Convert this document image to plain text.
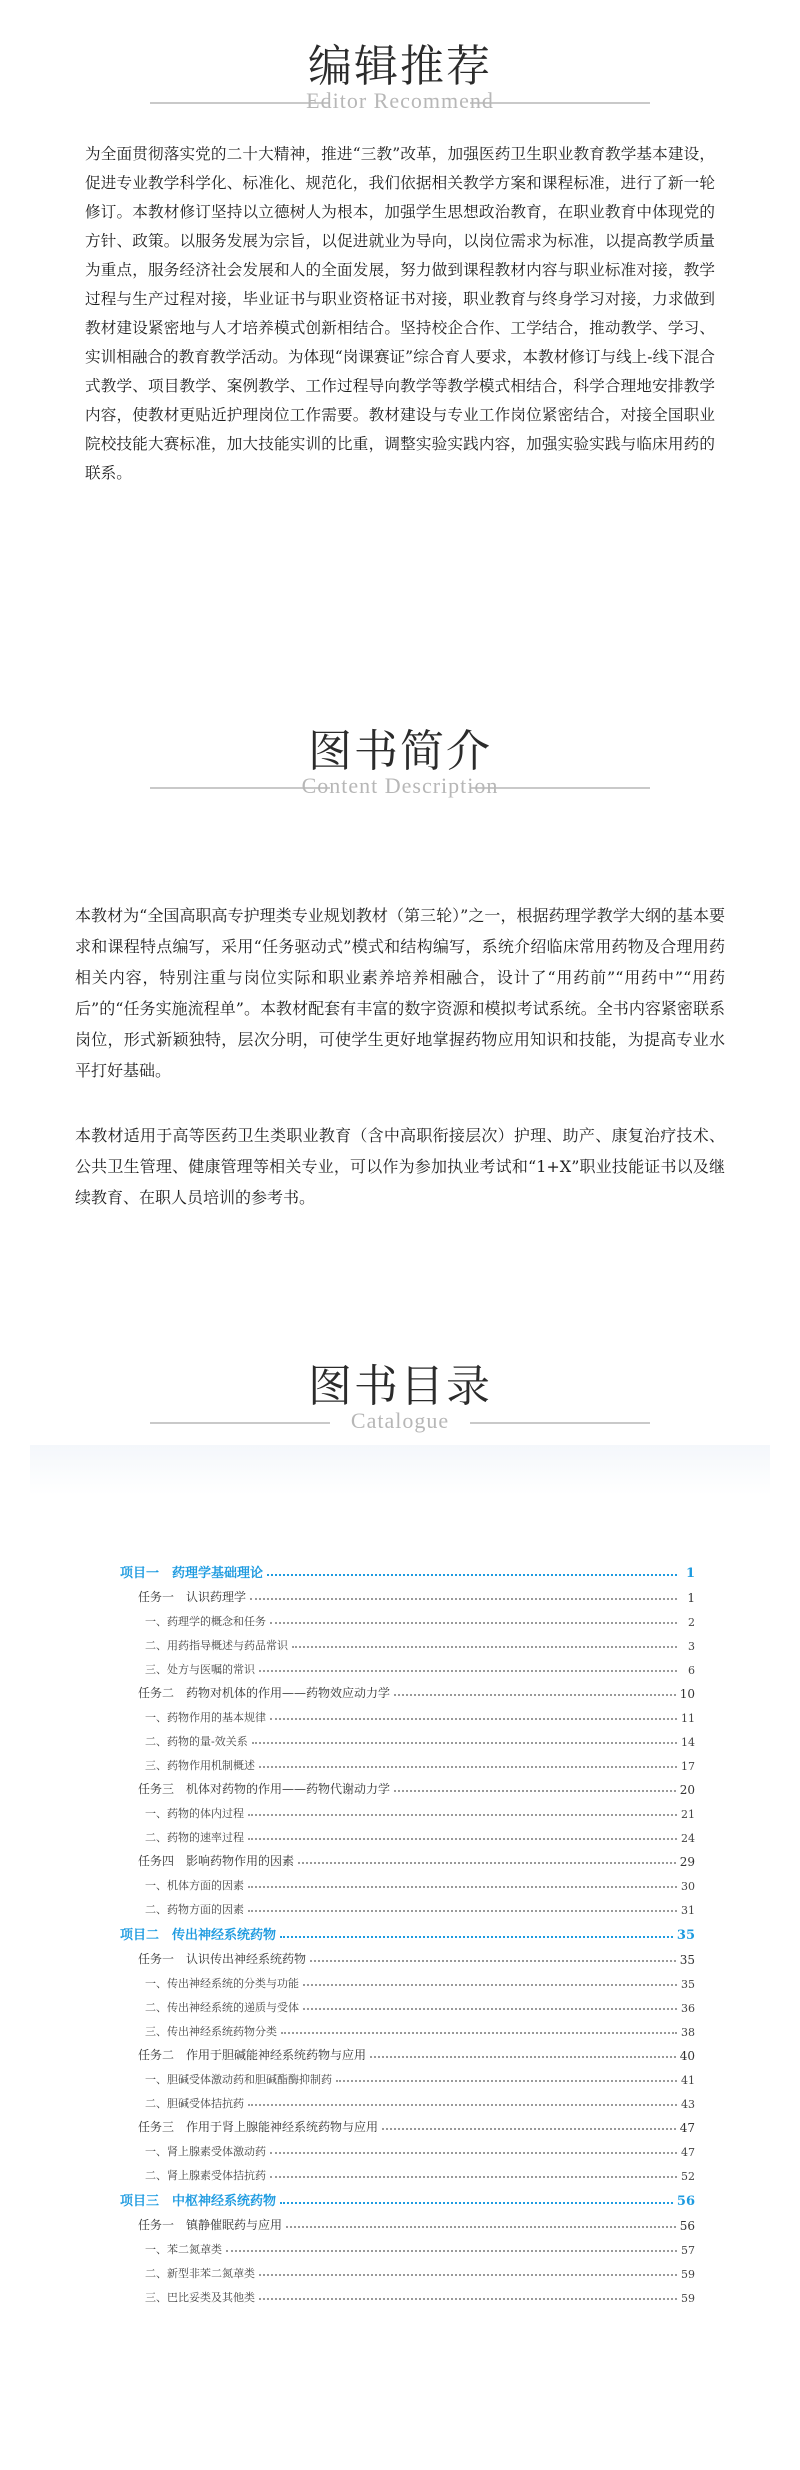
编辑推荐
Editor Recommend
为全面贯彻落实党的二十大精神，推进“三教”改革，加强医药卫生职业教育教学基本建设，促进专业教学科学化、标准化、规范化，我们依据相关教学方案和课程标准，进行了新一轮修订。本教材修订坚持以立德树人为根本，加强学生思想政治教育，在职业教育中体现党的方针、政策。以服务发展为宗旨，以促进就业为导向，以岗位需求为标准，以提高教学质量为重点，服务经济社会发展和人的全面发展，努力做到课程教材内容与职业标准对接，教学过程与生产过程对接，毕业证书与职业资格证书对接，职业教育与终身学习对接，力求做到教材建设紧密地与人才培养模式创新相结合。坚持校企合作、工学结合，推动教学、学习、实训相融合的教育教学活动。为体现“岗课赛证”综合育人要求，本教材修订与线上-线下混合式教学、项目教学、案例教学、工作过程导向教学等教学模式相结合，科学合理地安排教学内容，使教材更贴近护理岗位工作需要。教材建设与专业工作岗位紧密结合，对接全国职业院校技能大赛标准，加大技能实训的比重，调整实验实践内容，加强实验实践与临床用药的联系。
图书简介
Content Description
本教材为“全国高职高专护理类专业规划教材（第三轮）”之一，根据药理学教学大纲的基本要求和课程特点编写，采用“任务驱动式”模式和结构编写，系统介绍临床常用药物及合理用药相关内容，特别注重与岗位实际和职业素养培养相融合，设计了“用药前”“用药中”“用药后”的“任务实施流程单”。本教材配套有丰富的数字资源和模拟考试系统。全书内容紧密联系岗位，形式新颖独特，层次分明，可使学生更好地掌握药物应用知识和技能，为提高专业水平打好基础。
本教材适用于高等医药卫生类职业教育（含中高职衔接层次）护理、助产、康复治疗技术、公共卫生管理、健康管理等相关专业，可以作为参加执业考试和“1+X”职业技能证书以及继续教育、在职人员培训的参考书。
图书目录
Catalogue
项目一　药理学基础理论	1
任务一　认识药理学	1
一、药理学的概念和任务	2
二、用药指导概述与药品常识	3
三、处方与医嘱的常识	6
任务二　药物对机体的作用——药物效应动力学	10
一、药物作用的基本规律	11
二、药物的量-效关系	14
三、药物作用机制概述	17
任务三　机体对药物的作用——药物代谢动力学	20
一、药物的体内过程	21
二、药物的速率过程	24
任务四　影响药物作用的因素	29
一、机体方面的因素	30
二、药物方面的因素	31
项目二　传出神经系统药物	35
任务一　认识传出神经系统药物	35
一、传出神经系统的分类与功能	35
二、传出神经系统的递质与受体	36
三、传出神经系统药物分类	38
任务二　作用于胆碱能神经系统药物与应用	40
一、胆碱受体激动药和胆碱酯酶抑制药	41
二、胆碱受体拮抗药	43
任务三　作用于肾上腺能神经系统药物与应用	47
一、肾上腺素受体激动药	47
二、肾上腺素受体拮抗药	52
项目三　中枢神经系统药物	56
任务一　镇静催眠药与应用	56
一、苯二氮䓬类	57
二、新型非苯二氮䓬类	59
三、巴比妥类及其他类	59
